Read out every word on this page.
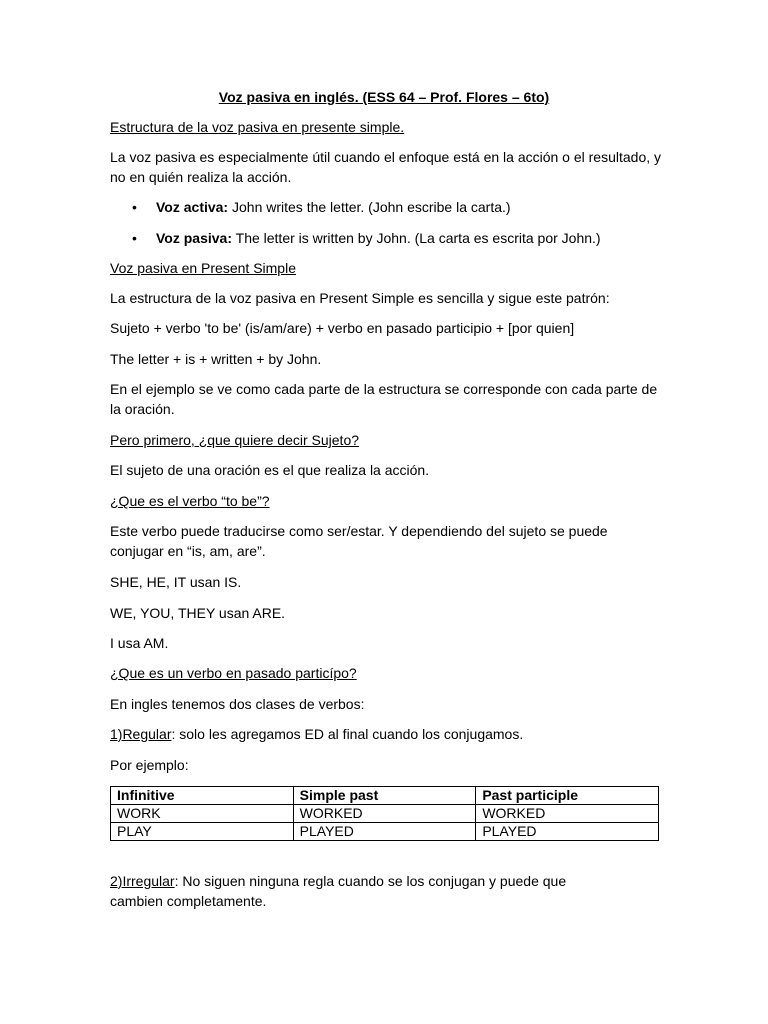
Voz pasiva en inglés. (ESS 64 – Prof. Flores – 6to)
Estructura de la voz pasiva en presente simple.
La voz pasiva es especialmente útil cuando el enfoque está en la acción o el resultado, y no en quién realiza la acción.
• Voz activa: John writes the letter. (John escribe la carta.)
• Voz pasiva: The letter is written by John. (La carta es escrita por John.)
Voz pasiva en Present Simple
La estructura de la voz pasiva en Present Simple es sencilla y sigue este patrón:
Sujeto + verbo 'to be' (is/am/are) + verbo en pasado participio + [por quien]
The letter + is + written + by John.
En el ejemplo se ve como cada parte de la estructura se corresponde con cada parte de la oración.
Pero primero, ¿que quiere decir Sujeto?
El sujeto de una oración es el que realiza la acción.
¿Que es el verbo “to be”?
Este verbo puede traducirse como ser/estar. Y dependiendo del sujeto se puede conjugar en “is, am, are”.
SHE, HE, IT usan IS.
WE, YOU, THEY usan ARE.
I usa AM.
¿Que es un verbo en pasado particípo?
En ingles tenemos dos clases de verbos:
1)Regular: solo les agregamos ED al final cuando los conjugamos.
Por ejemplo:
Infinitive	Simple past	Past participle
WORK	WORKED	WORKED
PLAY	PLAYED	PLAYED
2)Irregular: No siguen ninguna regla cuando se los conjugan y puede que cambien completamente.
